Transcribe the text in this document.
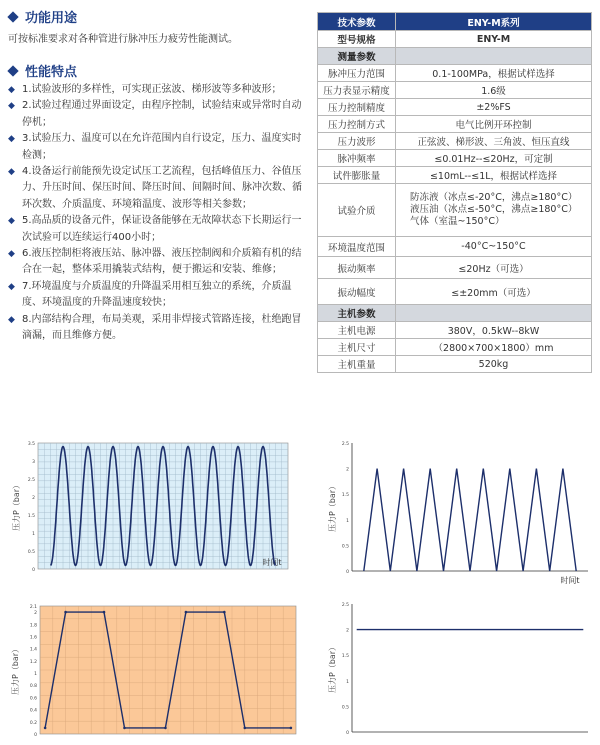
功能用途
可按标准要求对各种管进行脉冲压力疲劳性能测试。
性能特点
◆ 1.试验波形的多样性，可实现正弦波、梯形波等多种波形；
◆ 2.试验过程通过界面设定，由程序控制，试验结束或异常时自动停机；
◆ 3.试验压力、温度可以在允许范围内自行设定，压力、温度实时检测；
◆ 4.设备运行前能预先设定试压工艺流程，包括峰值压力、谷值压力、升压时间、保压时间、降压时间、间隔时间、脉冲次数、循环次数、介质温度、环境箱温度、波形等相关参数；
◆ 5.高品质的设备元件，保证设备能够在无故障状态下长期运行一次试验可以连续运行400小时；
◆ 6.液压控制柜将液压站、脉冲器、液压控制阀和介质箱有机的结合在一起，整体采用撬装式结构，便于搬运和安装、维修；
◆ 7.环境温度与介质温度的升降温采用相互独立的系统，介质温度、环境温度的升降温速度较快；
◆ 8.内部结构合理，布局美观，采用非焊接式管路连接，杜绝跑冒滴漏，而且维修方便。
技术参数	ENY-M系列
型号规格	ENY-M
测量参数	
脉冲压力范围	0.1-100MPa，根据试样选择
压力表显示精度	1.6级
压力控制精度	±2%FS
压力控制方式	电气比例开环控制
压力波形	正弦波、梯形波、三角波、恒压直线
脉冲频率	≤0.01Hz--≤20Hz，可定制
试件膨胀量	≤10mL--≤1L，根据试样选择
试验介质	防冻液（冰点≤-20°C，沸点≥180°C）
液压油（冰点≤-50°C，沸点≥180°C）
气体（室温~150°C）

环境温度范围	-40°C~150°C
振动频率	≤20Hz（可选）
振动幅度	≤±20mm（可选）
主机参数	
主机电源	380V，0.5kW--8kW
主机尺寸	（2800×700×1800）mm
主机重量	520kg
0
0.5
1
1.5
2
2.5
3
3.5
压力P（bar）
时间t
0
0.5
1
1.5
2
2.5
压力P（bar）
时间t
0
0.2
0.4
0.6
0.8
1
1.2
1.4
1.6
1.8
2
2.1
压力P（bar）
0
0.5
1
1.5
2
2.5
压力P（bar）
